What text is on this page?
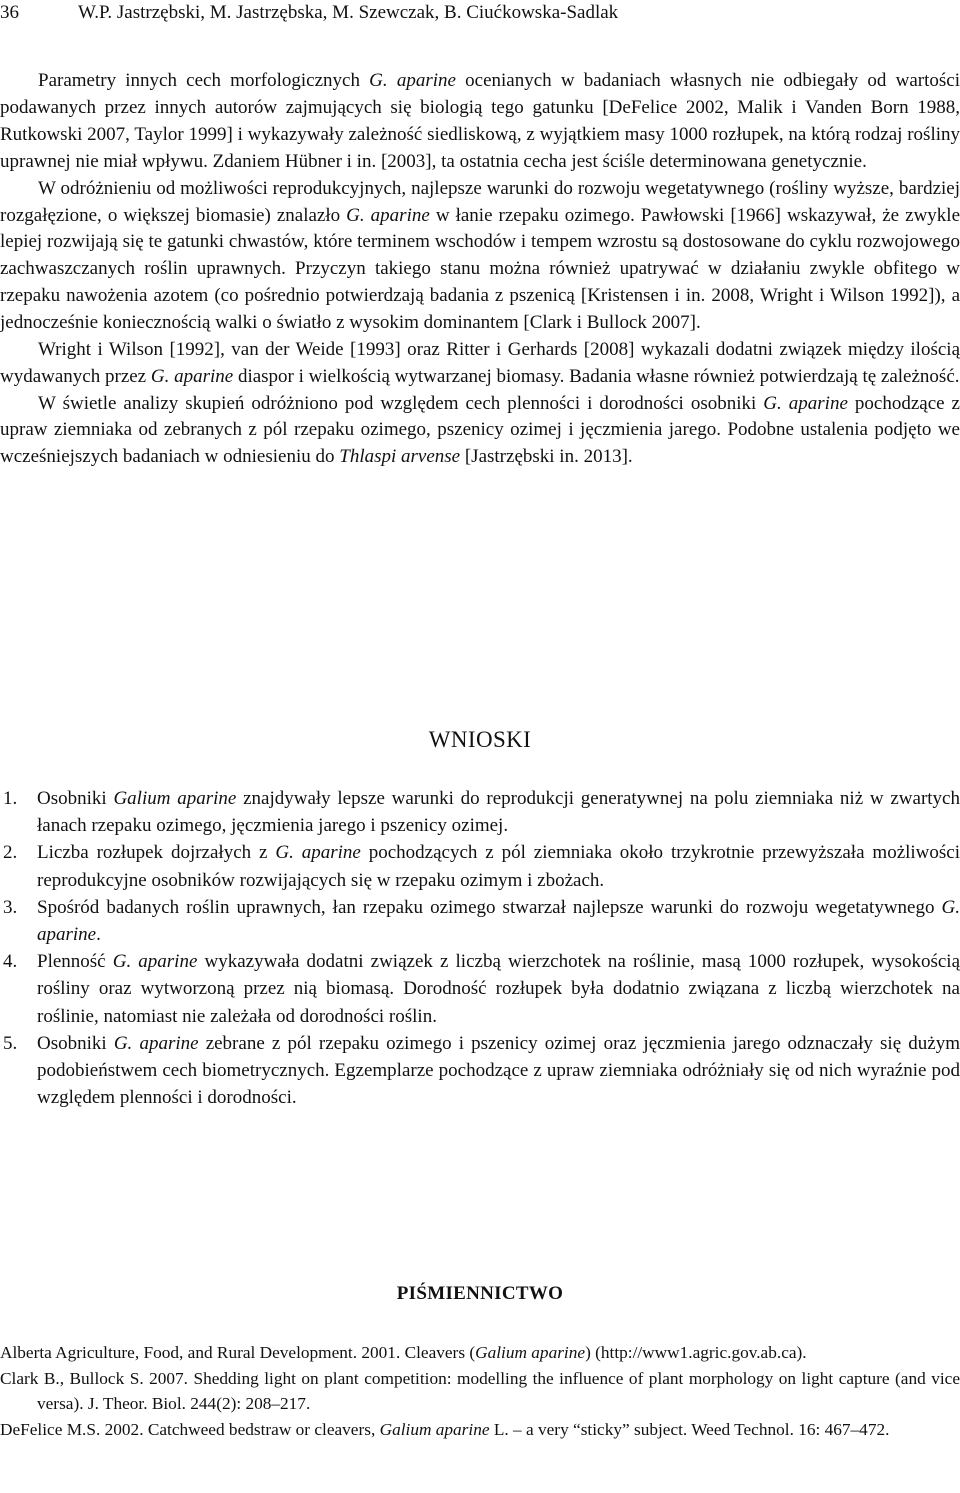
36	W.P. Jastrzębski, M. Jastrzębska, M. Szewczak, B. Ciućkowska-Sadlak

Parametry innych cech morfologicznych G. aparine ocenianych w badaniach własnych nie odbiegały od wartości podawanych przez innych autorów zajmujących się biologią tego gatunku [DeFelice 2002, Malik i Vanden Born 1988, Rutkowski 2007, Taylor 1999] i wykazywały zależność siedliskową, z wyjątkiem masy 1000 rozłupek, na którą rodzaj rośliny uprawnej nie miał wpływu. Zdaniem Hübner i in. [2003], ta ostatnia cecha jest ściśle determinowana genetycznie.

W odróżnieniu od możliwości reprodukcyjnych, najlepsze warunki do rozwoju wegetatywnego (rośliny wyższe, bardziej rozgałęzione, o większej biomasie) znalazło G. aparine w łanie rzepaku ozimego. Pawłowski [1966] wskazywał, że zwykle lepiej rozwijają się te gatunki chwastów, które terminem wschodów i tempem wzrostu są dostosowane do cyklu rozwojowego zachwaszczanych roślin uprawnych. Przyczyn takiego stanu można również upatrywać w działaniu zwykle obfitego w rzepaku nawożenia azotem (co pośrednio potwierdzają badania z pszenicą [Kristensen i in. 2008, Wright i Wilson 1992]), a jednocześnie koniecznością walki o światło z wysokim dominantem [Clark i Bullock 2007].

Wright i Wilson [1992], van der Weide [1993] oraz Ritter i Gerhards [2008] wykazali dodatni związek między ilością wydawanych przez G. aparine diaspor i wielkością wytwarzanej biomasy. Badania własne również potwierdzają tę zależność.

W świetle analizy skupień odróżniono pod względem cech plenności i dorodności osobniki G. aparine pochodzące z upraw ziemniaka od zebranych z pól rzepaku ozimego, pszenicy ozimej i jęczmienia jarego. Podobne ustalenia podjęto we wcześniejszych badaniach w odniesieniu do Thlaspi arvense [Jastrzębski in. 2013].

WNIOSKI
1. Osobniki Galium aparine znajdywały lepsze warunki do reprodukcji generatywnej na polu ziemniaka niż w zwartych łanach rzepaku ozimego, jęczmienia jarego i pszenicy ozimej.
2. Liczba rozłupek dojrzałych z G. aparine pochodzących z pól ziemniaka około trzykrotnie przewyższała możliwości reprodukcyjne osobników rozwijających się w rzepaku ozimym i zbożach.
3. Spośród badanych roślin uprawnych, łan rzepaku ozimego stwarzał najlepsze warunki do rozwoju wegetatywnego G. aparine.
4. Plenność G. aparine wykazywała dodatni związek z liczbą wierzchotek na roślinie, masą 1000 rozłupek, wysokością rośliny oraz wytworzoną przez nią biomasą. Dorodność rozłupek była dodatnio związana z liczbą wierzchotek na roślinie, natomiast nie zależała od dorodności roślin.
5. Osobniki G. aparine zebrane z pól rzepaku ozimego i pszenicy ozimej oraz jęczmienia jarego odznaczały się dużym podobieństwem cech biometrycznych. Egzemplarze pochodzące z upraw ziemniaka odróżniały się od nich wyraźnie pod względem plenności i dorodności.
PIŚMIENNICTWO
Alberta Agriculture, Food, and Rural Development. 2001. Cleavers (Galium aparine) (http://www1.agric.gov.ab.ca).
Clark B., Bullock S. 2007. Shedding light on plant competition: modelling the influence of plant morphology on light capture (and vice versa). J. Theor. Biol. 244(2): 208–217.
DeFelice M.S. 2002. Catchweed bedstraw or cleavers, Galium aparine L. – a very “sticky” subject. Weed Technol. 16: 467–472.
